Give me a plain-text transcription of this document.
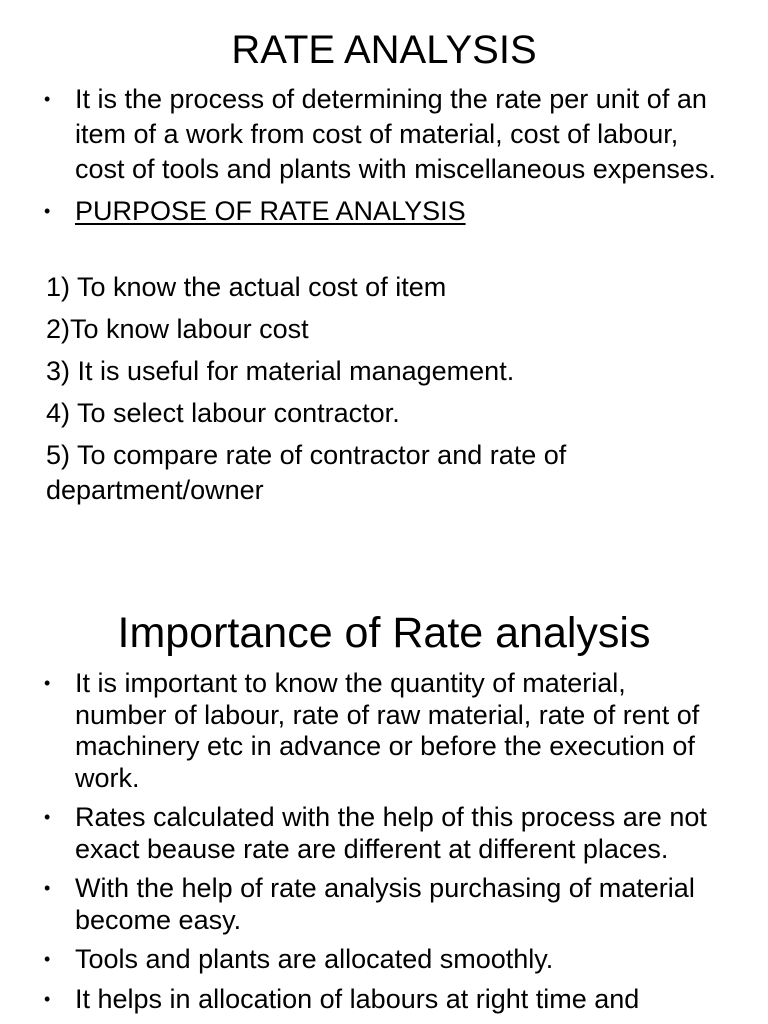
RATE ANALYSIS
• It is the process of determining the rate per unit of an item of a work from cost of material, cost of labour, cost of tools and plants with miscellaneous expenses.
• PURPOSE OF RATE ANALYSIS
1) To know the actual cost of item
2)To know labour cost
3) It is useful for material management.
4) To select labour contractor.
5) To compare rate of contractor and rate of department/owner
Importance of Rate analysis
• It is important to know the quantity of material, number of labour, rate of raw material, rate of rent of machinery etc in advance or before the execution of work.
• Rates calculated with the help of this process are not exact beause rate are different at different places.
• With the help of rate analysis purchasing of material become easy.
• Tools and plants are allocated smoothly.
• It helps in allocation of labours at right time and
